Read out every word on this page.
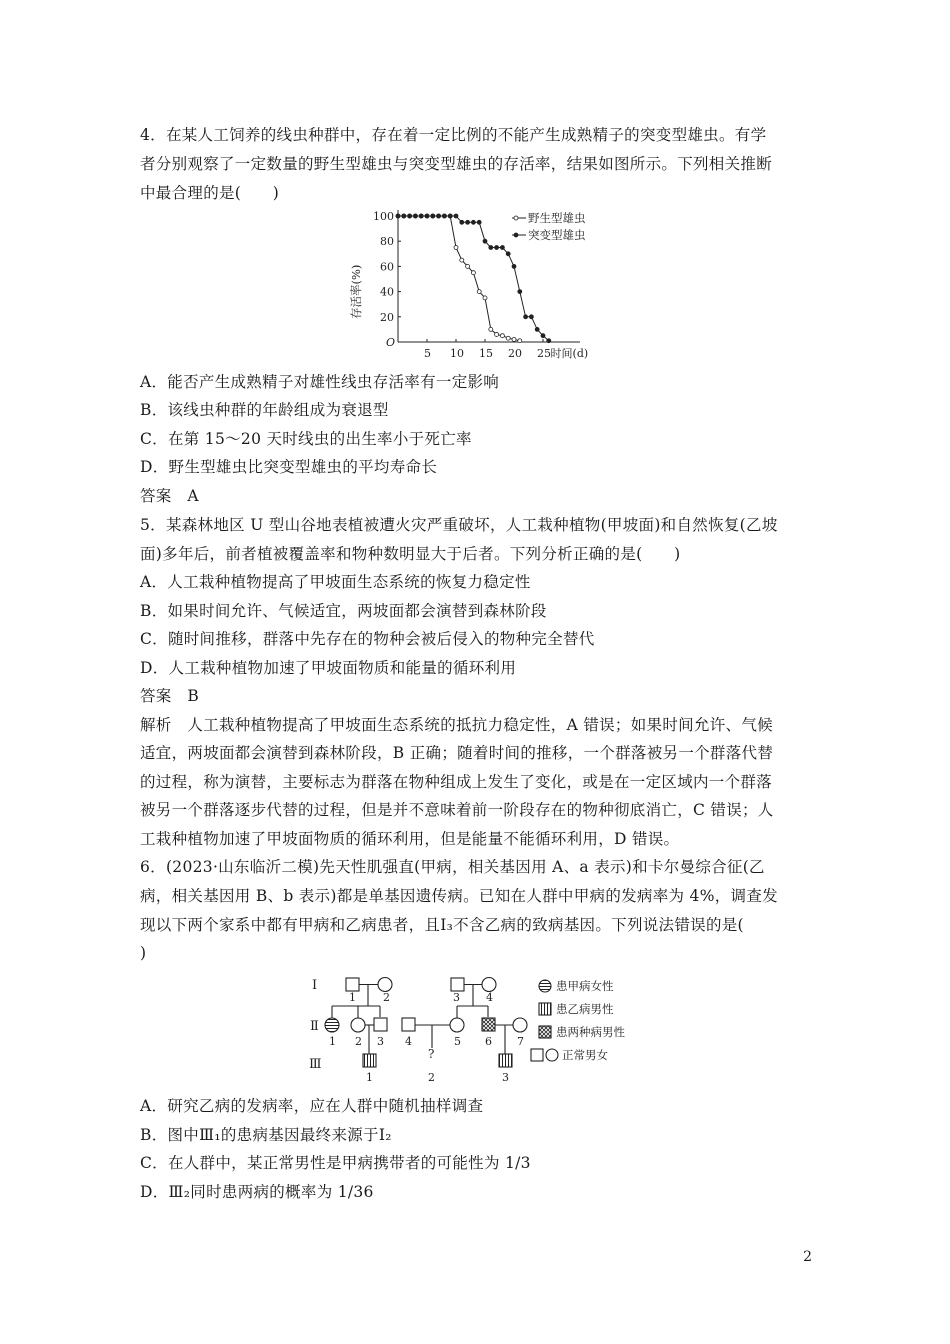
4．在某人工饲养的线虫种群中，存在着一定比例的不能产生成熟精子的突变型雄虫。有学
者分别观察了一定数量的野生型雄虫与突变型雄虫的存活率，结果如图所示。下列相关推断
中最合理的是(　　)
O
5 10 15 20 25 时间(d)
20
40
60
80
100
存活率(%)
野生型雄虫
突变型雄虫
A．能否产生成熟精子对雄性线虫存活率有一定影响
B．该线虫种群的年龄组成为衰退型
C．在第 15～20 天时线虫的出生率小于死亡率
D．野生型雄虫比突变型雄虫的平均寿命长
答案　A
5．某森林地区 U 型山谷地表植被遭火灾严重破坏，人工栽种植物(甲坡面)和自然恢复(乙坡
面)多年后，前者植被覆盖率和物种数明显大于后者。下列分析正确的是(　　)
A．人工栽种植物提高了甲坡面生态系统的恢复力稳定性
B．如果时间允许、气候适宜，两坡面都会演替到森林阶段
C．随时间推移，群落中先存在的物种会被后侵入的物种完全替代
D．人工栽种植物加速了甲坡面物质和能量的循环利用
答案　B
解析　人工栽种植物提高了甲坡面生态系统的抵抗力稳定性，A 错误；如果时间允许、气候
适宜，两坡面都会演替到森林阶段，B 正确；随着时间的推移，一个群落被另一个群落代替
的过程，称为演替，主要标志为群落在物种组成上发生了变化，或是在一定区域内一个群落
被另一个群落逐步代替的过程，但是并不意味着前一阶段存在的物种彻底消亡，C 错误；人
工栽种植物加速了甲坡面物质的循环利用，但是能量不能循环利用，D 错误。
6．(2023·山东临沂二模)先天性肌强直(甲病，相关基因用 A、a 表示)和卡尔曼综合征(乙
病，相关基因用 B、b 表示)都是单基因遗传病。已知在人群中甲病的发病率为 4%，调查发
现以下两个家系中都有甲病和乙病患者，且Ⅰ₃不含乙病的致病基因。下列说法错误的是(
)
Ⅰ
Ⅱ
Ⅲ
1 2	3 4
1 2 3 4	5 6 7
?
1	2	3
患甲病女性
患乙病男性
患两种病男性
正常男女
A．研究乙病的发病率，应在人群中随机抽样调查
B．图中Ⅲ₁的患病基因最终来源于Ⅰ₂
C．在人群中，某正常男性是甲病携带者的可能性为 1/3
D．Ⅲ₂同时患两病的概率为 1/36
2
